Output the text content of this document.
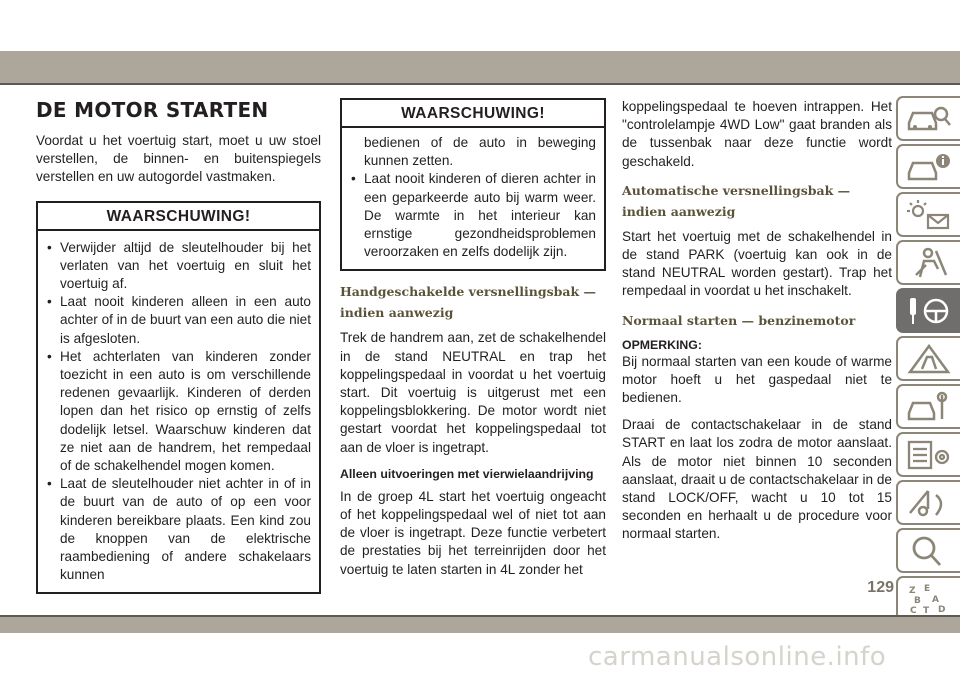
DE MOTOR STARTEN

Voordat u het voertuig start, moet u uw stoel verstellen, de binnen- en buitenspiegels verstellen en uw autogordel vastmaken.

WAARSCHUWING!
• Verwijder altijd de sleutelhouder bij het verlaten van het voertuig en sluit het voertuig af.
• Laat nooit kinderen alleen in een auto achter of in de buurt van een auto die niet is afgesloten.
• Het achterlaten van kinderen zonder toezicht in een auto is om verschillende redenen gevaarlijk. Kinderen of derden lopen dan het risico op ernstig of zelfs dodelijk letsel. Waarschuw kinderen dat ze niet aan de handrem, het rempedaal of de schakelhendel mogen komen.
• Laat de sleutelhouder niet achter in of in de buurt van de auto of op een voor kinderen bereikbare plaats. Een kind zou de knoppen van de elektrische raambediening of andere schakelaars kunnen
WAARSCHUWING!
bedienen of de auto in beweging kunnen zetten.
• Laat nooit kinderen of dieren achter in een geparkeerde auto bij warm weer. De warmte in het interieur kan ernstige gezondheidsproblemen veroorzaken en zelfs dodelijk zijn.
Handgeschakelde versnellingsbak — indien aanwezig

Trek de handrem aan, zet de schakelhendel in de stand NEUTRAL en trap het koppelingspedaal in voordat u het voertuig start. Dit voertuig is uitgerust met een koppelingsblokkering. De motor wordt niet gestart voordat het koppelingspedaal tot aan de vloer is ingetrapt.

Alleen uitvoeringen met vierwielaandrijving

In de groep 4L start het voertuig ongeacht of het koppelingspedaal wel of niet tot aan de vloer is ingetrapt. Deze functie verbetert de prestaties bij het terreinrijden door het voertuig te laten starten in 4L zonder het

koppelingspedaal te hoeven intrappen. Het "controlelampje 4WD Low" gaat branden als de tussenbak naar deze functie wordt geschakeld.

Automatische versnellingsbak — indien aanwezig

Start het voertuig met de schakelhendel in de stand PARK (voertuig kan ook in de stand NEUTRAL worden gestart). Trap het rempedaal in voordat u het inschakelt.

Normaal starten — benzinemotor
OPMERKING:

Bij normaal starten van een koude of warme motor hoeft u het gaspedaal niet te bedienen.

Draai de contactschakelaar in de stand START en laat los zodra de motor aanslaat. Als de motor niet binnen 10 seconden aanslaat, draait u de contactschakelaar in de stand LOCK/OFF, wacht u 10 tot 15 seconden en herhaalt u de procedure voor normaal starten.

Z E
B A
C T D
129
carmanualsonline.info
